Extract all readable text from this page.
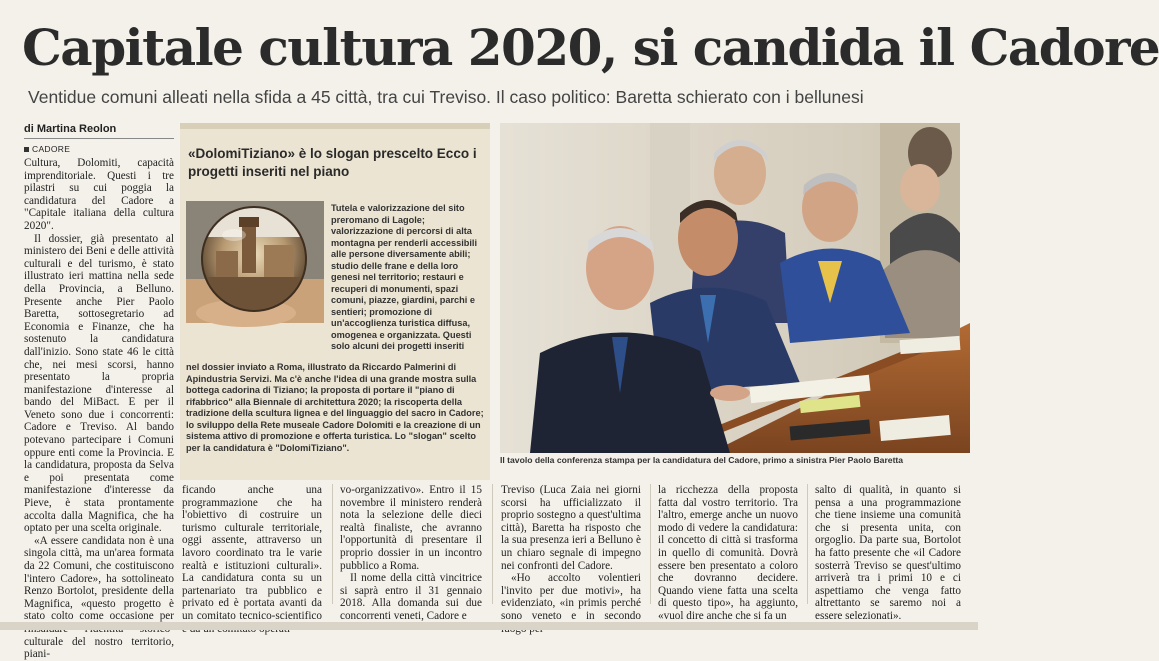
Capitale cultura 2020, si candida il Cadore

Ventidue comuni alleati nella sfida a 45 città, tra cui Treviso. Il caso politico: Baretta schierato con i bellunesi

di Martina Reolon
CADORE

Cultura, Dolomiti, capacità imprenditoriale. Questi i tre pilastri su cui poggia la candidatura del Cadore a "Capitale italiana della cultura 2020".

Il dossier, già presentato al ministero dei Beni e delle attività culturali e del turismo, è stato illustrato ieri mattina nella sede della Provincia, a Belluno. Presente anche Pier Paolo Baretta, sottosegretario ad Economia e Finanze, che ha sostenuto la candidatura dall'inizio. Sono state 46 le città che, nei mesi scorsi, hanno presentato la propria manifestazione d'interesse al bando del MiBact. E per il Veneto sono due i concorrenti: Cadore e Treviso. Al bando potevano partecipare i Comuni oppure enti come la Provincia. E la candidatura, proposta da Selva e poi presentata come manifestazione d'interesse da Pieve, è stata prontamente accolta dalla Magnifica, che ha optato per una scelta originale.

«A essere candidata non è una singola città, ma un'area formata da 22 Comuni, che costituiscono l'intero Cadore», ha sottolineato Renzo Bortolot, presidente della Magnifica, «questo progetto è stato colto come occasione per culturale del nostro territorio, piani-

«DolomiTiziano» è lo slogan prescelto Ecco i progetti inseriti nel piano

Tutela e valorizzazione del sito preromano di Lagole; valorizzazione di percorsi di alta montagna per renderli accessibili alle persone diversamente abili; studio delle frane e della loro genesi nel territorio; restauri e recuperi di monumenti, spazi comuni, piazze, giardini, parchi e sentieri; promozione di un'accoglienza turistica diffusa, omogenea e organizzata. Questi solo alcuni dei progetti inseriti

nel dossier inviato a Roma, illustrato da Riccardo Palmerini di Apindustria Servizi. Ma c'è anche l'idea di una grande mostra sulla bottega cadorina di Tiziano; la proposta di portare il "piano di rifabbrico" alla Biennale di architettura 2020; la riscoperta della tradizione della scultura lignea e del linguaggio del sacro in Cadore; lo sviluppo della Rete museale Cadore Dolomiti e la creazione di un sistema attivo di promozione e offerta turistica. Lo "slogan" scelto per la candidatura è "DolomiTiziano".

Il tavolo della conferenza stampa per la candidatura del Cadore, primo a sinistra Pier Paolo Baretta

ficando anche una programmazione che ha l'obiettivo di costruire un turismo culturale territoriale, oggi assente, attraverso un lavoro coordinato tra le varie realtà e istituzioni culturali». La candidatura conta su un partenariato tra pubblico e privato ed è portata avanti da un comitato tecnico-scientifico

vo-organizzativo». Entro il 15 novembre il ministero renderà nota la selezione delle dieci realtà finaliste, che avranno l'opportunità di presentare il proprio dossier in un incontro pubblico a Roma.

Il nome della città vincitrice si saprà entro il 31 gennaio 2018. Alla domanda sui due concorrenti veneti, Cadore e

Treviso (Luca Zaia nei giorni scorsi ha ufficializzato il proprio sostegno a quest'ultima città), Baretta ha risposto che la sua presenza ieri a Belluno è un chiaro segnale di impegno nei confronti del Cadore.

«Ho accolto volentieri l'invito per due motivi», ha evidenziato, «in primis perché sono veneto e in secondo

la ricchezza della proposta fatta dal vostro territorio. Tra l'altro, emerge anche un nuovo modo di vedere la candidatura: il concetto di città si trasforma in quello di comunità. Dovrà essere ben presentato a coloro che dovranno decidere. Quando viene fatta una scelta di questo tipo», ha aggiunto, «vuol dire anche che si fa un

salto di qualità, in quanto si pensa a una programmazione che tiene insieme una comunità che si presenta unita, con orgoglio. Da parte sua, Bortolot ha fatto presente che «il Cadore sosterrà Treviso se quest'ultimo arriverà tra i primi 10 e ci aspettiamo che venga fatto altrettanto se saremo noi a essere selezionati».
